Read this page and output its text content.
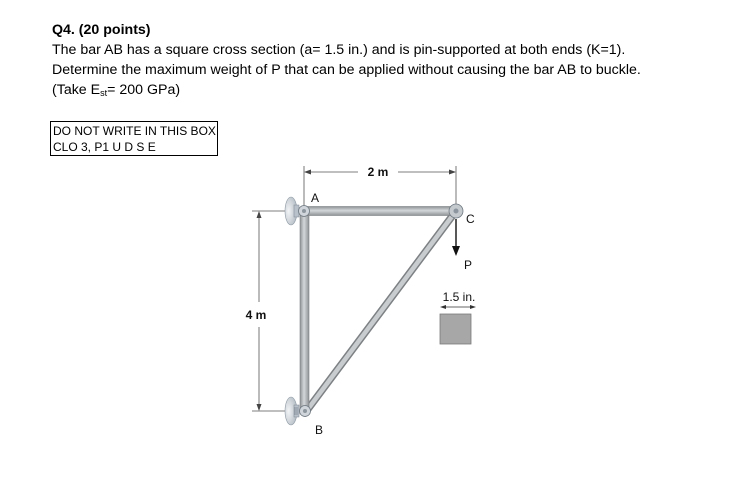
Q4. (20 points)
The bar AB has a square cross section (a= 1.5 in.) and is pin-supported at both ends (K=1).
Determine the maximum weight of P that can be applied without causing the bar AB to buckle.
(Take $E_{st}= 200$ GPa)
DO NOT WRITE IN THIS BOX
CLO 3, P1 U D S E
2 m
4 m
A
B
C
P
1.5 in.
